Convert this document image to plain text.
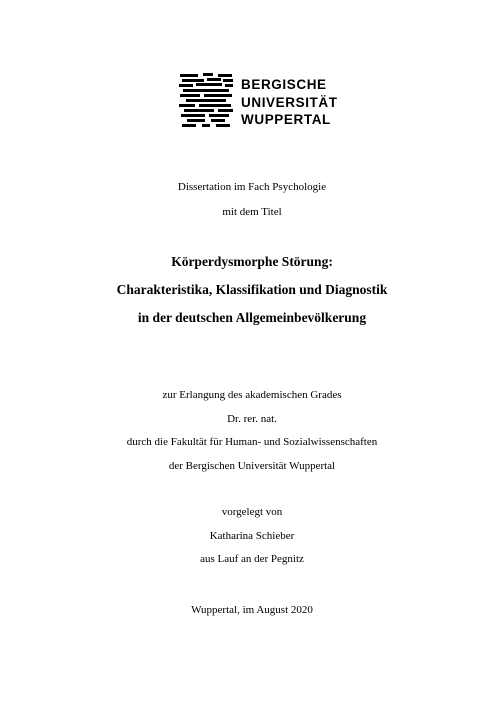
BERGISCHE
UNIVERSITÄT
WUPPERTAL
Dissertation im Fach Psychologie
mit dem Titel
Körperdysmorphe Störung:
Charakteristika, Klassifikation und Diagnostik
in der deutschen Allgemeinbevölkerung
zur Erlangung des akademischen Grades
Dr. rer. nat.
durch die Fakultät für Human- und Sozialwissenschaften
der Bergischen Universität Wuppertal
vorgelegt von
Katharina Schieber
aus Lauf an der Pegnitz
Wuppertal, im August 2020
